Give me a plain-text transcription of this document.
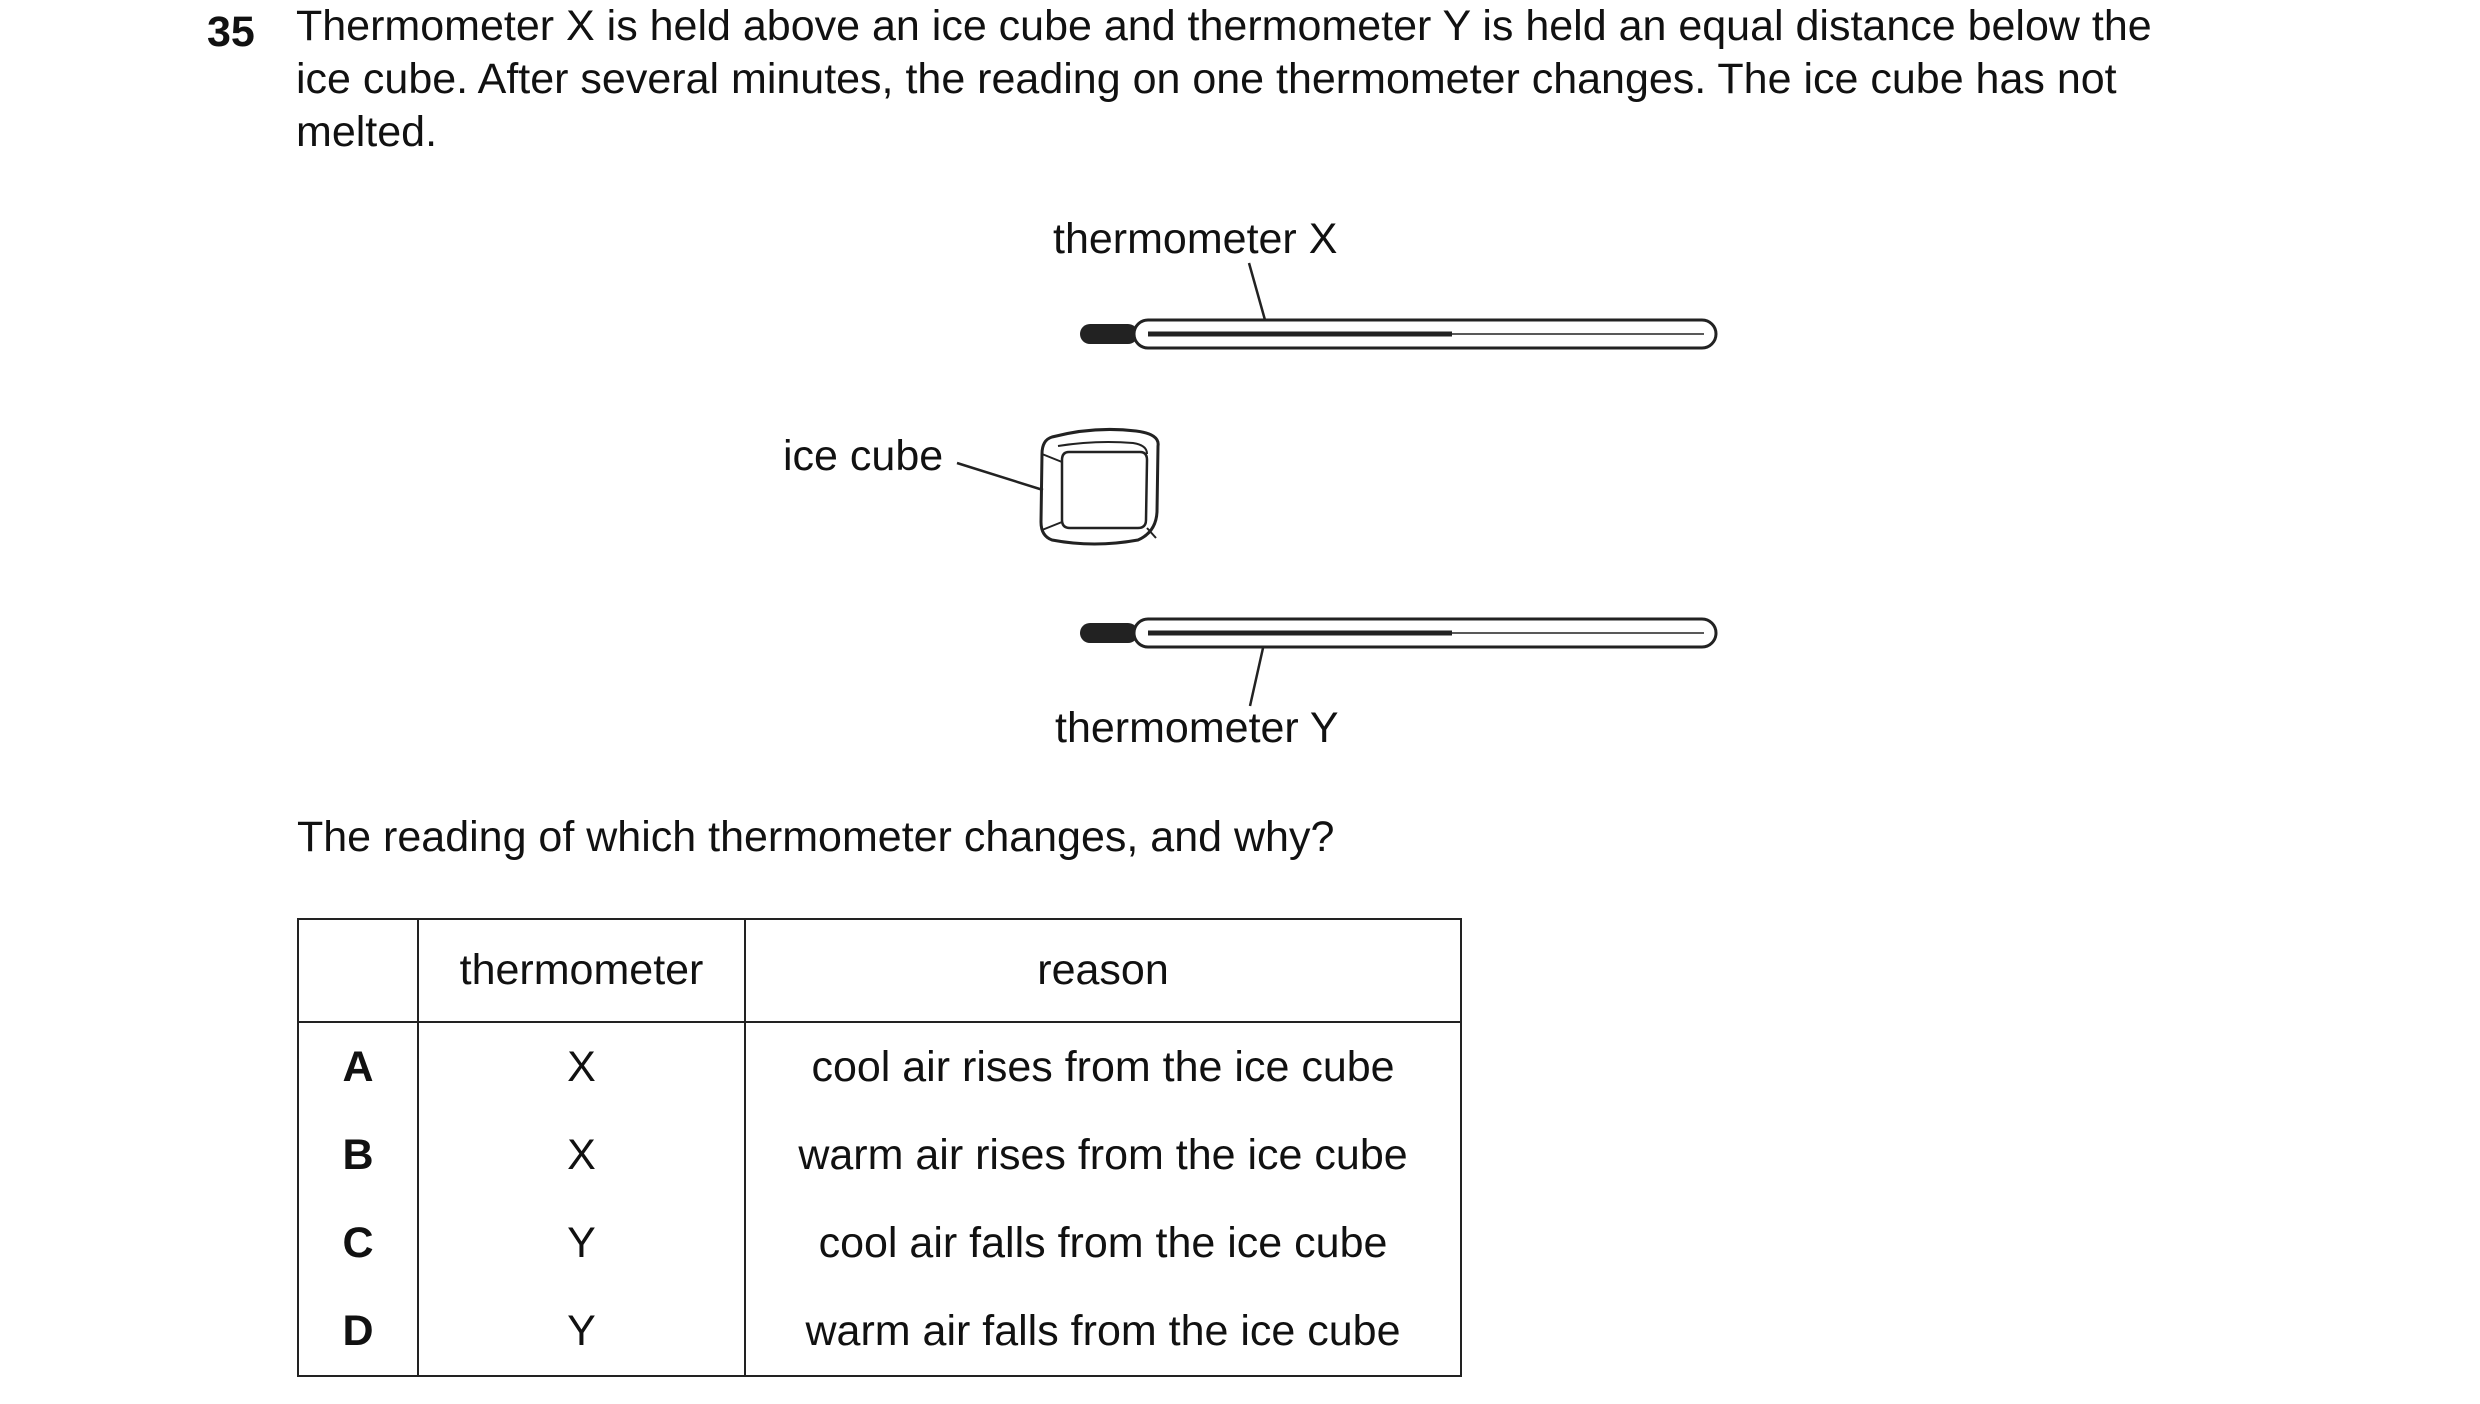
35 Thermometer X is held above an ice cube and thermometer Y is held an equal distance below the
ice cube. After several minutes, the reading on one thermometer changes. The ice cube has not
melted.
thermometer X
ice cube
thermometer Y
The reading of which thermometer changes, and why?
	thermometer	reason
A	X	cool air rises from the ice cube
B	X	warm air rises from the ice cube
C	Y	cool air falls from the ice cube
D	Y	warm air falls from the ice cube
